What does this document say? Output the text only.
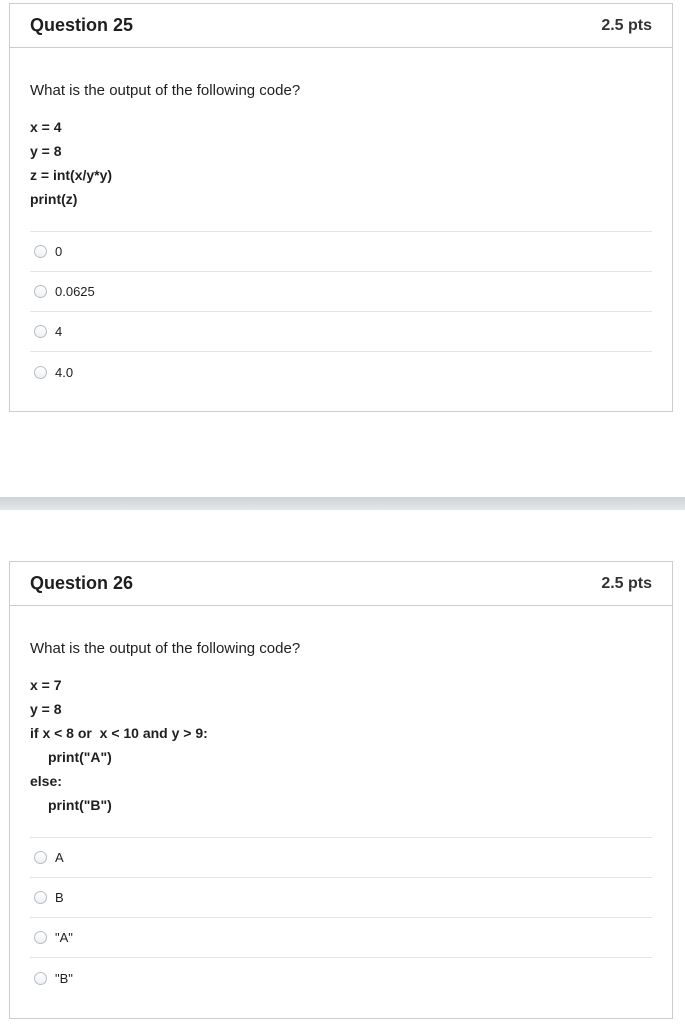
Question 25	2.5 pts

What is the output of the following code?

x = 4
y = 8
z = int(x/y*y)
print(z)
0
0.0625
4
4.0
Question 26	2.5 pts

What is the output of the following code?

x = 7
y = 8
if x < 8 or  x < 10 and y > 9:
print("A")
else:
print("B")
A
B
"A"
"B"
